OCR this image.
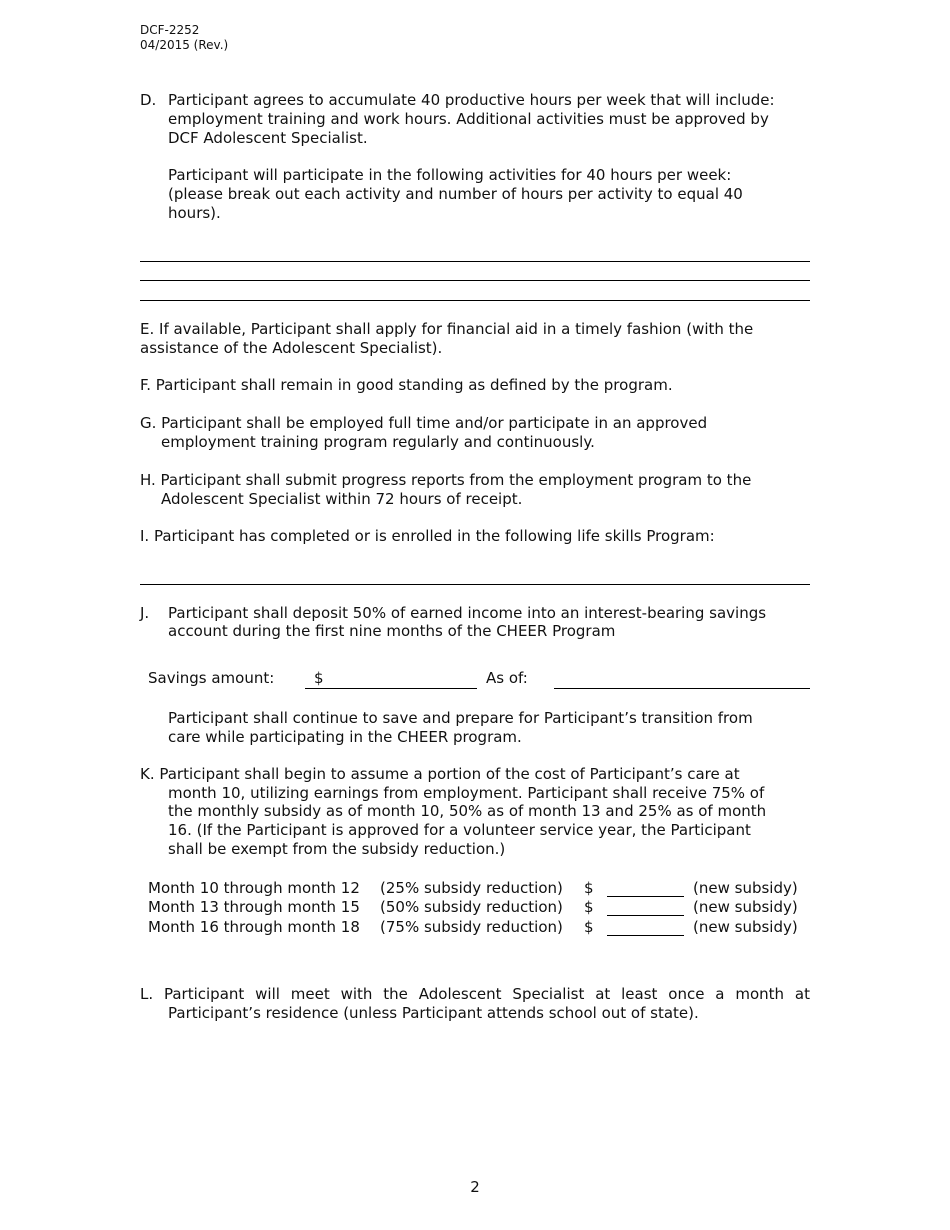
DCF-2252
04/2015 (Rev.)
D. Participant agrees to accumulate 40 productive hours per week that will include:
employment training and work hours. Additional activities must be approved by
DCF Adolescent Specialist.
Participant will participate in the following activities for 40 hours per week:
(please break out each activity and number of hours per activity to equal 40
hours).
E. If available, Participant shall apply for financial aid in a timely fashion (with the
assistance of the Adolescent Specialist).
F. Participant shall remain in good standing as defined by the program.
G. Participant shall be employed full time and/or participate in an approved
employment training program regularly and continuously.
H. Participant shall submit progress reports from the employment program to the
Adolescent Specialist within 72 hours of receipt.
I. Participant has completed or is enrolled in the following life skills Program:
J. Participant shall deposit 50% of earned income into an interest-bearing savings
account during the first nine months of the CHEER Program
Savings amount:	$	As of:
Participant shall continue to save and prepare for Participant’s transition from
care while participating in the CHEER program.
K. Participant shall begin to assume a portion of the cost of Participant’s care at
month 10, utilizing earnings from employment. Participant shall receive 75% of
the monthly subsidy as of month 10, 50% as of month 13 and 25% as of month
16. (If the Participant is approved for a volunteer service year, the Participant
shall be exempt from the subsidy reduction.)
Month 10 through month 12 (25% subsidy reduction) $	(new subsidy)
Month 13 through month 15 (50% subsidy reduction) $	(new subsidy)
Month 16 through month 18 (75% subsidy reduction) $	(new subsidy)
L. Participant will meet with the Adolescent Specialist at least once a month at
Participant’s residence (unless Participant attends school out of state).
2
